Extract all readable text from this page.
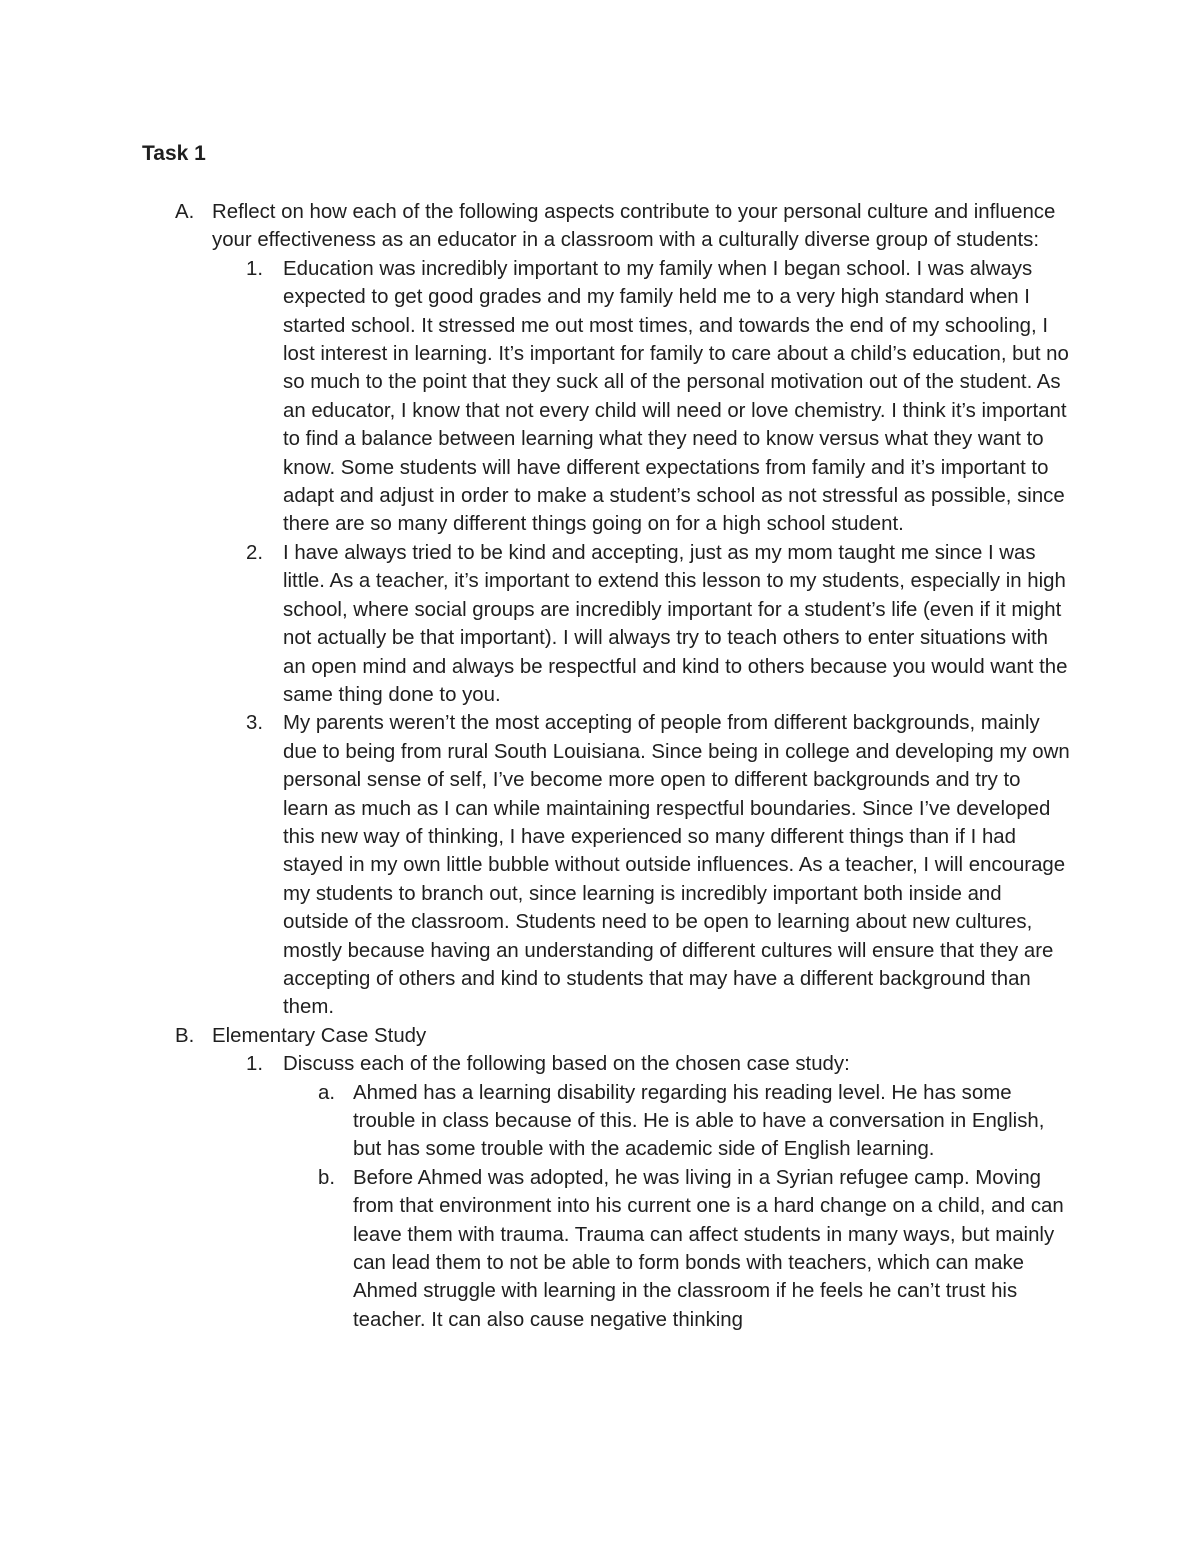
Task 1
A. Reflect on how each of the following aspects contribute to your personal culture and influence your effectiveness as an educator in a classroom with a culturally diverse group of students:
1. Education was incredibly important to my family when I began school. I was always expected to get good grades and my family held me to a very high standard when I started school. It stressed me out most times, and towards the end of my schooling, I lost interest in learning. It’s important for family to care about a child’s education, but no so much to the point that they suck all of the personal motivation out of the student. As an educator, I know that not every child will need or love chemistry. I think it’s important to find a balance between learning what they need to know versus what they want to know. Some students will have different expectations from family and it’s important to adapt and adjust in order to make a student’s school as not stressful as possible, since there are so many different things going on for a high school student.
2. I have always tried to be kind and accepting, just as my mom taught me since I was little. As a teacher, it’s important to extend this lesson to my students, especially in high school, where social groups are incredibly important for a student’s life (even if it might not actually be that important). I will always try to teach others to enter situations with an open mind and always be respectful and kind to others because you would want the same thing done to you.
3. My parents weren’t the most accepting of people from different backgrounds, mainly due to being from rural South Louisiana. Since being in college and developing my own personal sense of self, I’ve become more open to different backgrounds and try to learn as much as I can while maintaining respectful boundaries. Since I’ve developed this new way of thinking, I have experienced so many different things than if I had stayed in my own little bubble without outside influences. As a teacher, I will encourage my students to branch out, since learning is incredibly important both inside and outside of the classroom. Students need to be open to learning about new cultures, mostly because having an understanding of different cultures will ensure that they are accepting of others and kind to students that may have a different background than them.
B. Elementary Case Study
1. Discuss each of the following based on the chosen case study:
a. Ahmed has a learning disability regarding his reading level. He has some trouble in class because of this. He is able to have a conversation in English, but has some trouble with the academic side of English learning.
b. Before Ahmed was adopted, he was living in a Syrian refugee camp. Moving from that environment into his current one is a hard change on a child, and can leave them with trauma. Trauma can affect students in many ways, but mainly can lead them to not be able to form bonds with teachers, which can make Ahmed struggle with learning in the classroom if he feels he can’t trust his teacher. It can also cause negative thinking
